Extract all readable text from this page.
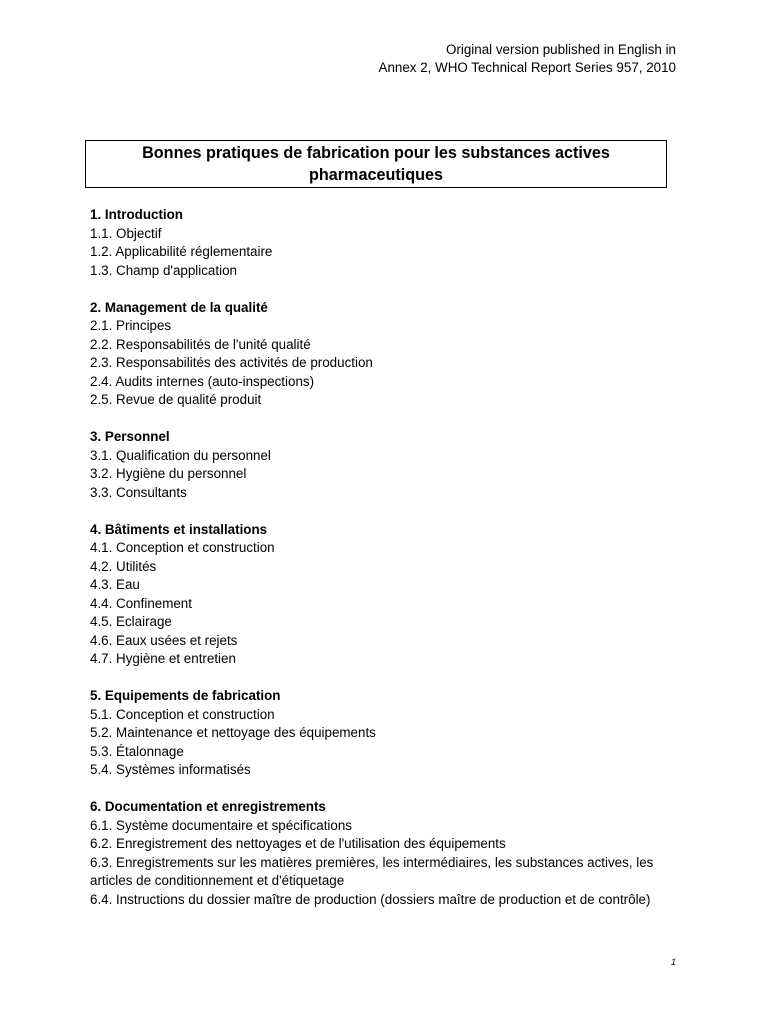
Original version published in English in
Annex 2, WHO Technical Report Series 957, 2010
Bonnes pratiques de fabrication pour les substances actives
pharmaceutiques
1. Introduction
1.1. Objectif
1.2. Applicabilité réglementaire
1.3. Champ d'application
2. Management de la qualité
2.1. Principes
2.2. Responsabilités de l'unité qualité
2.3. Responsabilités des activités de production
2.4. Audits internes (auto-inspections)
2.5. Revue de qualité produit
3. Personnel
3.1. Qualification du personnel
3.2. Hygiène du personnel
3.3. Consultants
4. Bâtiments et installations
4.1. Conception et construction
4.2. Utilités
4.3. Eau
4.4. Confinement
4.5. Eclairage
4.6. Eaux usées et rejets
4.7. Hygiène et entretien
5. Equipements de fabrication
5.1. Conception et construction
5.2. Maintenance et nettoyage des équipements
5.3. Étalonnage
5.4. Systèmes informatisés
6. Documentation et enregistrements
6.1. Système documentaire et spécifications
6.2. Enregistrement des nettoyages et de l'utilisation des équipements
6.3. Enregistrements sur les matières premières, les intermédiaires, les substances actives, les articles de conditionnement et d'étiquetage
6.4. Instructions du dossier maître de production (dossiers maître de production et de contrôle)
1
